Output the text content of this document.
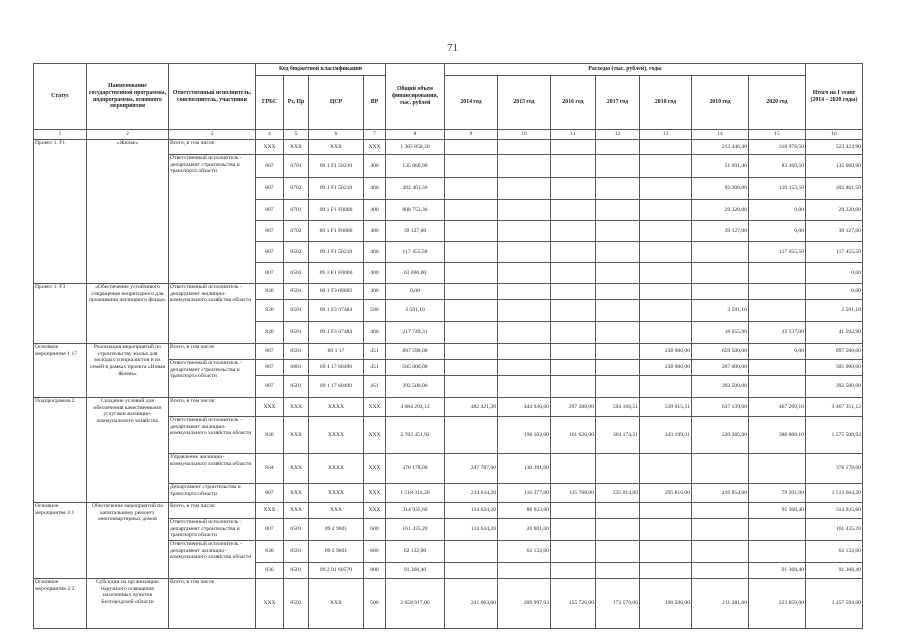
71
Статус	Наименование государственной программы, подпрограммы, основного мероприятия	Ответственный исполнитель, соисполнитель, участники	Код бюджетной классификации				Общий объем финансирования, тыс. рублей	Расходы (тыс. рублей), годы							Итого на I этапе (2014 – 2020 годы)
			ГРБС	Рз, Пр	ЦСР	ВР		2014 год	2015 год	2016 год	2017 год	2018 год	2019 год	2020 год	
1	2	3	4	5	6	7	8	9	10	11	12	13	14	15	16
Проект 1. F1	«Жилье»	Всего, в том числе:	XXX	XXX	XXX	XXX	1 365 858,20						212 446,40	310 978,50	523 424,90
		Ответственный исполнитель - департамент строительства и транспорта области	807	0701	09 1 F1 50210	400	135 060,90						51 691,40	83 369,50	135 060,90
			807	0702	09 1 F1 50210	400	202 461,50						92 308,00	110 153,50	202 461,50
			807	0701	09 1 F1 F0000	400	808 753,30						29 320,00	0,00	29 320,00
			807	0702	09 1 F1 F0000	400	39 127,00						39 127,00	0,00	39 127,00
			807	0502	09 1 F1 50210	400	117 455,50							117 455,50	117 455,50
			807	0502	09 1 F1 F0000	400	63 000,00								0,00
Проект 1. F3	«Обеспечение устойчивого сокращения непригодного для проживания жилищного фонда»	Ответственный исполнитель - департамент жилищно-коммунального хозяйства области	830	0501	09 1 F3 09602	400	0,00								0,00
			830	0501	09 1 F3 67484	500	3 591,10						3 591,10		3 591,10
			830	0501	09 1 F3 67484	400	217 749,31						18 055,90	23 537,00	41 592,90
Основное мероприятие 1.17	Реализация мероприятий по строительству жилья для молодых специалистов и их семей в рамках проекта «Новая Жизнь»	Всего, в том числе	807	0501	09 1 17	451	897 590,00					238 000,00	659 500,00	0,00	897 500,00
		Ответственный исполнитель - департамент строительства и транспорта области	807	0801	09 1 17 60490	451	505 000,00					238 000,00	267 000,00		505 000,00
			807	0501	09 1 17 60490	451	392 500,00						392 500,00		392 500,00
Подпрограмма 2	Создание условий для обеспечения качественными услугами жилищно-коммунального хозяйства	Всего, в том числе:	XXX	XXX	XXXX	XXX	4 684 294,12	482 421,20	444 930,00	297 388,00	594 168,51	539 015,31	637 139,00	467 269,10	3 467 351,12
		Ответственный исполнитель - департамент жилищно-коммунального хозяйства области	830	XXX	XXXX	XXX	2 782 451,92		198 162,00	161 620,00	364 174,51	243 199,31	220 285,00	388 068,10	1 575 508,92
		Управление жилищно-коммунального хозяйства области	834	XXX	XXXX	XXX	378 178,00	247 787,00	130 391,00						378 178,00
		Департамент строительства и транспорта области	807	XXX	XXXX	XXX	1 518 314,20	234 634,20	116 377,00	135 768,00	235 014,00	295 816,00	416 854,00	79 201,00	1 513 664,20
Основное мероприятие 2.1	Обеспечение мероприятий по капитальному ремонту многоквартирных домов	Всего, в том числе:	XXX	XXX	XXX	XXX	314 935,60	134 634,20	88 933,00					91 368,40	314 935,60
		Ответственный исполнитель - департамент строительства и транспорта области	807	0501	09 2 9601	600	161 435,20	134 634,20	26 801,00						161 435,20
		Ответственный исполнитель - департамент жилищно-коммунального хозяйства области	830	0501	09 2 9601	600	62 132,00		62 132,00						62 132,00
			830	0501	09 2 01 60570	800	91 368,40							91 368,40	91 368,40
Основное мероприятие 2.2	Субсидии на организацию наружного освещения населенных пунктов Белгородской области	Всего, в том числе	XXX	0503	XXX	500	2 658 917,00	241 663,00	209 997,03	155 726,00	173 579,00	190 500,00	211 281,00	223 859,00	1 457 594,00
